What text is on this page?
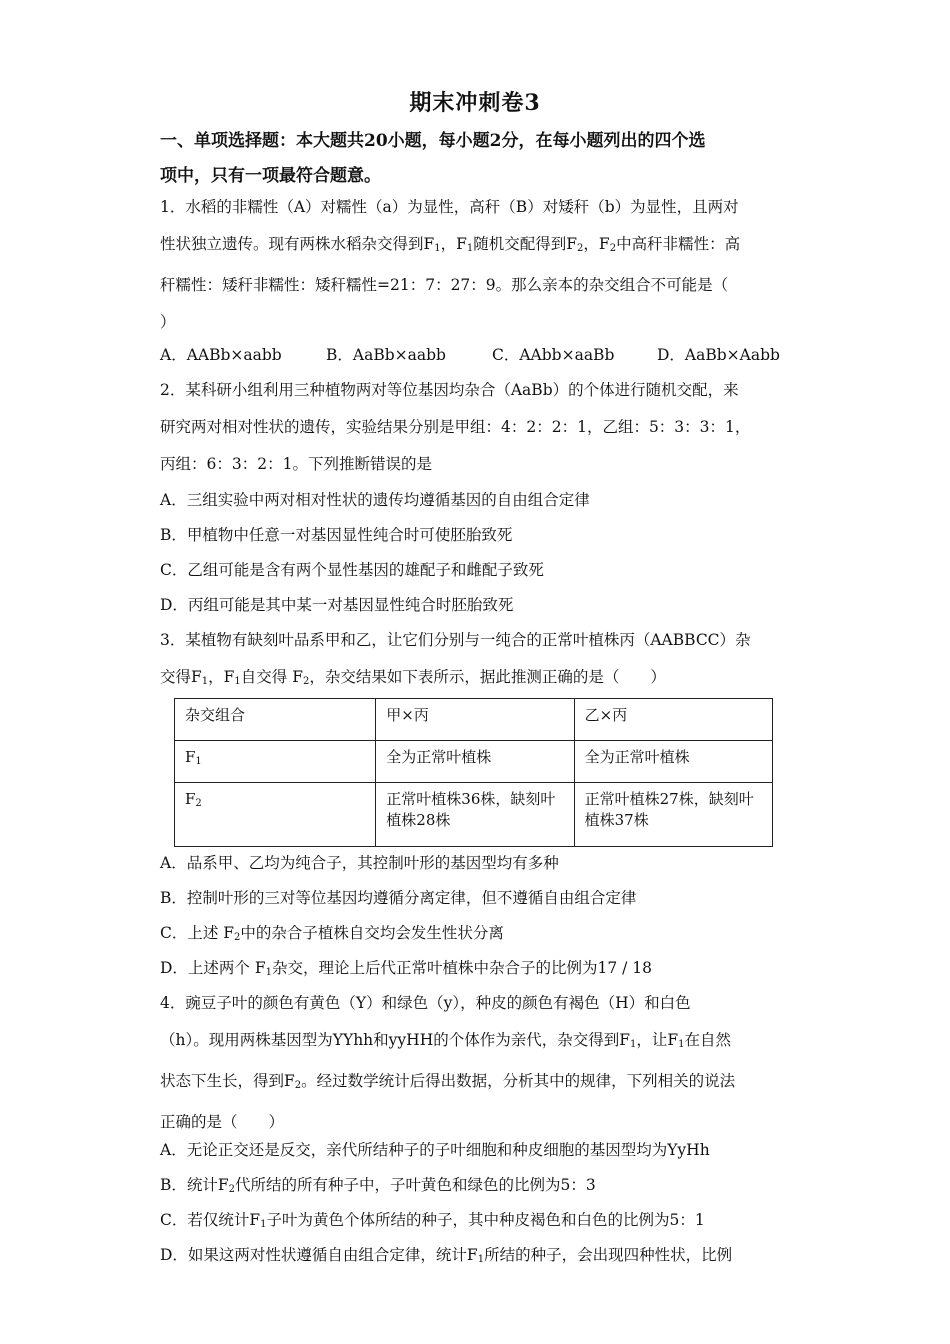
期末冲刺卷3
一、单项选择题：本大题共20小题，每小题2分，在每小题列出的四个选
项中，只有一项最符合题意。
1．水稻的非糯性（A）对糯性（a）为显性，高秆（B）对矮秆（b）为显性，且两对
性状独立遗传。现有两株水稻杂交得到$F_1$，$F_1$随机交配得到$F_2$，$F_2$中高秆非糯性：高
秆糯性：矮秆非糯性：矮秆糯性=21：7：27：9。那么亲本的杂交组合不可能是（
）
A．AABb×aabb	B．AaBb×aabb	C．AAbb×aaBb	D．AaBb×Aabb
2．某科研小组利用三种植物两对等位基因均杂合（AaBb）的个体进行随机交配，来
研究两对相对性状的遗传，实验结果分别是甲组：4：2：2：1，乙组：5：3：3：1，
丙组：6：3：2：1。下列推断错误的是
A．三组实验中两对相对性状的遗传均遵循基因的自由组合定律
B．甲植物中任意一对基因显性纯合时可使胚胎致死
C．乙组可能是含有两个显性基因的雄配子和雌配子致死
D．丙组可能是其中某一对基因显性纯合时胚胎致死
3．某植物有缺刻叶品系甲和乙，让它们分别与一纯合的正常叶植株丙（AABBCC）杂
交得$F_1$，$F_1$自交得 $F_2$，杂交结果如下表所示，据此推测正确的是（　　）
杂交组合	甲×丙	乙×丙
$F_1$	全为正常叶植株	全为正常叶植株
$F_2$	正常叶植株36株，缺刻叶植株28株	正常叶植株27株，缺刻叶植株37株
A．品系甲、乙均为纯合子，其控制叶形的基因型均有多种
B．控制叶形的三对等位基因均遵循分离定律，但不遵循自由组合定律
C．上述 $F_2$中的杂合子植株自交均会发生性状分离
D．上述两个 $F_1$杂交，理论上后代正常叶植株中杂合子的比例为17 / 18
4．豌豆子叶的颜色有黄色（Y）和绿色（y），种皮的颜色有褐色（H）和白色
（h）。现用两株基因型为YYhh和yyHH的个体作为亲代，杂交得到$F_1$，让$F_1$在自然
状态下生长，得到$F_2$。经过数学统计后得出数据，分析其中的规律，下列相关的说法
正确的是（　　）
A．无论正交还是反交，亲代所结种子的子叶细胞和种皮细胞的基因型均为YyHh
B．统计$F_2$代所结的所有种子中，子叶黄色和绿色的比例为5：3
C．若仅统计$F_1$子叶为黄色个体所结的种子，其中种皮褐色和白色的比例为5：1
D．如果这两对性状遵循自由组合定律，统计$F_1$所结的种子，会出现四种性状，比例
